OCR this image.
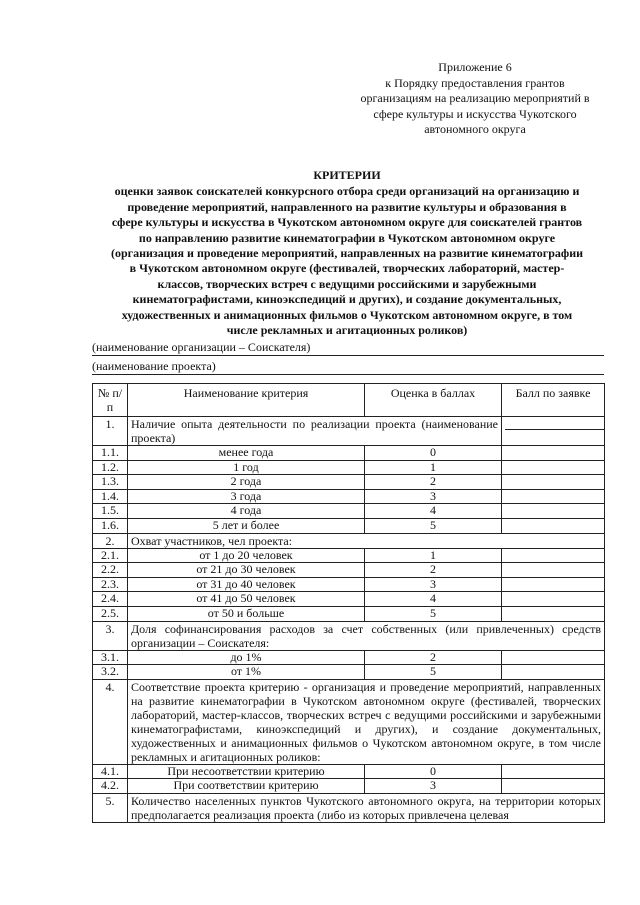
Приложение 6
к Порядку предоставления грантов
организациям на реализацию мероприятий в
сфере культуры и искусства Чукотского
автономного округа
КРИТЕРИИ
оценки заявок соискателей конкурсного отбора среди организаций на организацию и
проведение мероприятий, направленного на развитие культуры и образования в
сфере культуры и искусства в Чукотском автономном округе для соискателей грантов
по направлению развитие кинематографии в Чукотском автономном округе
(организация и проведение мероприятий, направленных на развитие кинематографии
в Чукотском автономном округе (фестивалей, творческих лабораторий, мастер-
классов, творческих встреч с ведущими российскими и зарубежными
кинематографистами, киноэкспедиций и других), и создание документальных,
художественных и анимационных фильмов о Чукотском автономном округе, в том
числе рекламных и агитационных роликов)
(наименование организации – Соискателя)
(наименование проекта)
№ п/п	Наименование критерия	Оценка в баллах	Балл по заявке
1.	Наличие опыта деятельности по реализации проекта (наименование проекта)		

1.1.	менее года	0	
1.2.	1 год	1	
1.3.	2 года	2	
1.4.	3 года	3	
1.5.	4 года	4	
1.6.	5 лет и более	5	
2.	Охват участников, чел проекта:		
2.1.	от 1 до 20 человек	1	
2.2.	от 21 до 30 человек	2	
2.3.	от 31 до 40 человек	3	
2.4.	от 41 до 50 человек	4	
2.5.	от 50 и больше	5	
3.	Доля софинансирования расходов за счет собственных (или привлеченных) средств организации – Соискателя:		
3.1.	до 1%	2	
3.2.	от 1%	5	
4.	Соответствие проекта критерию - организация и проведение мероприятий, направленных на развитие кинематографии в Чукотском автономном округе (фестивалей, творческих лабораторий, мастер-классов, творческих встреч с ведущими российскими и зарубежными кинематографистами, киноэкспедиций и других), и создание документальных, художественных и анимационных фильмов о Чукотском автономном округе, в том числе рекламных и агитационных роликов:		
4.1.	При несоответствии критерию	0	
4.2.	При соответствии критерию	3	
5.	Количество населенных пунктов Чукотского автономного округа, на территории которых предполагается реализация проекта (либо из которых привлечена целевая		
